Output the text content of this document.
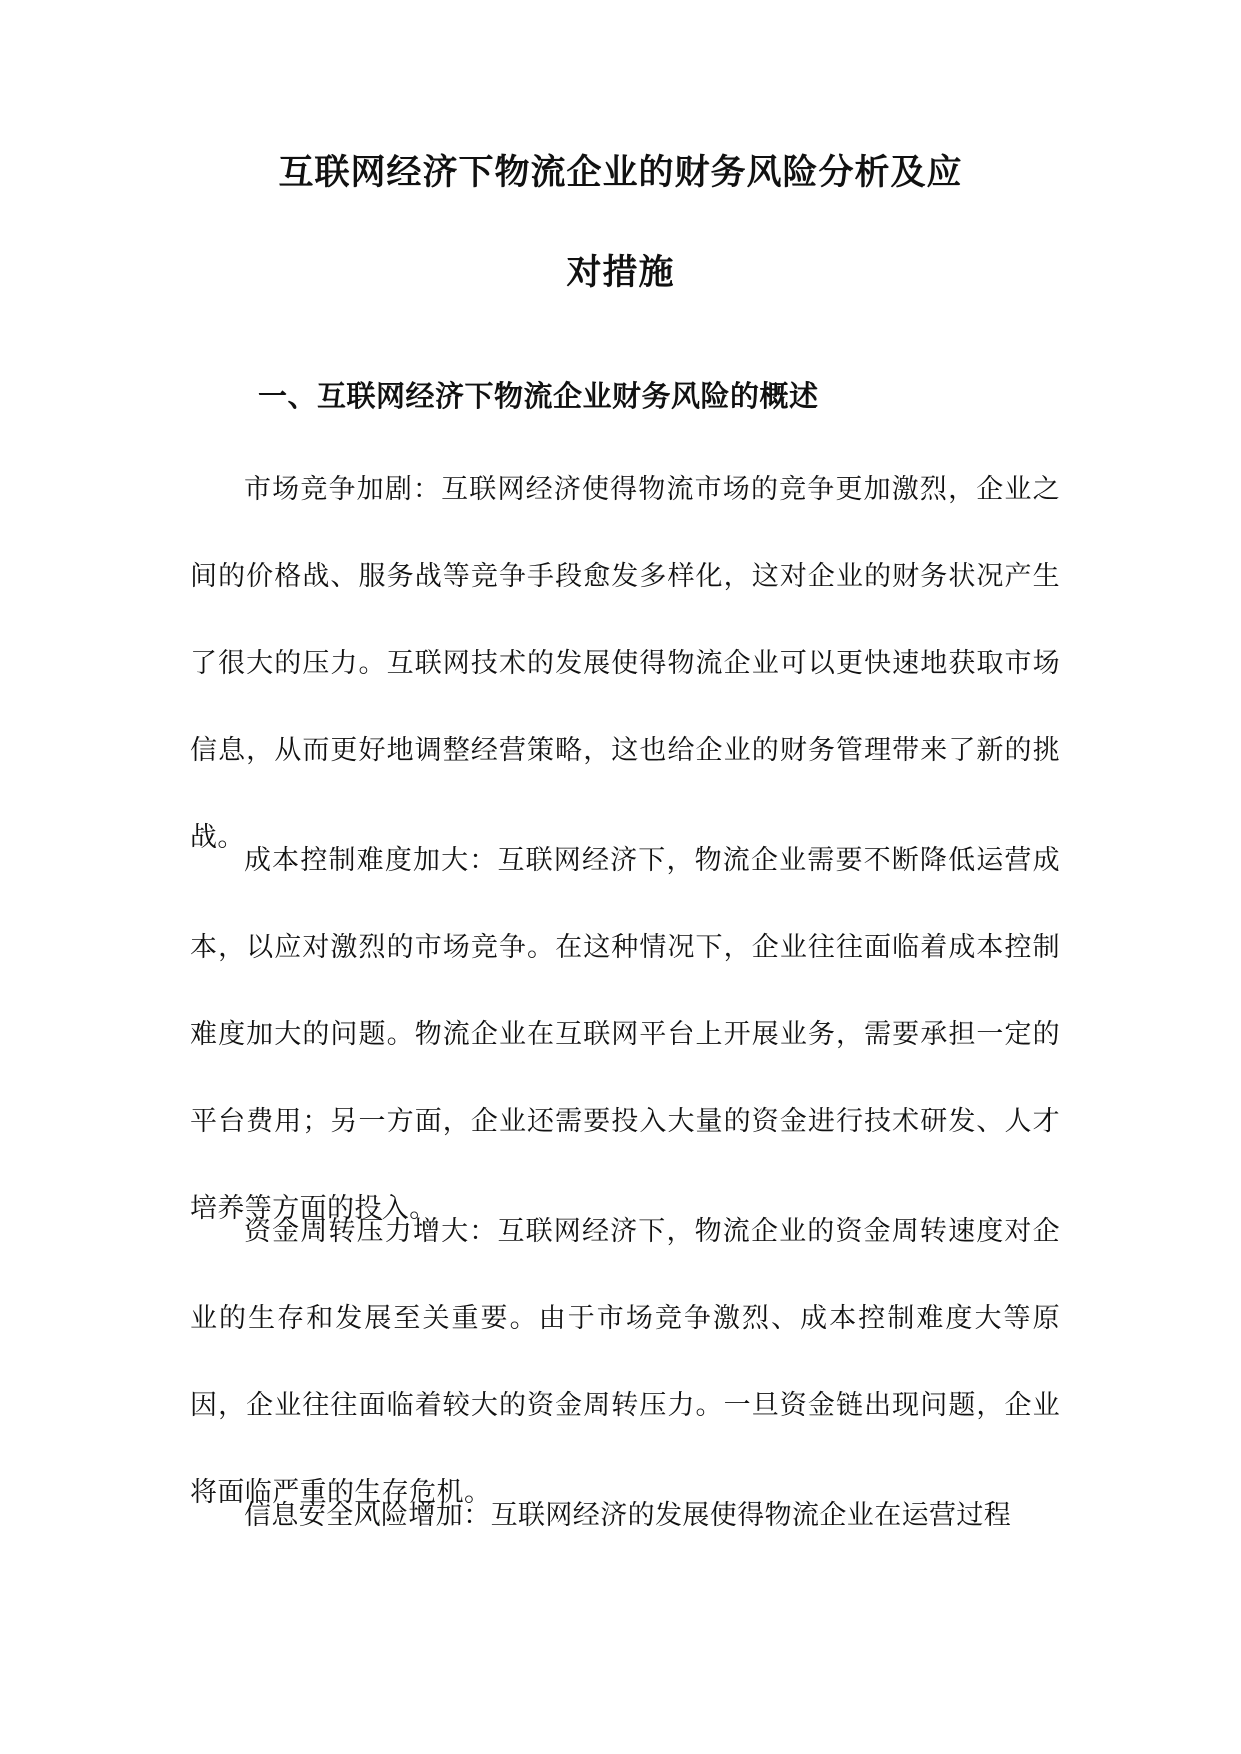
互联网经济下物流企业的财务风险分析及应
对措施
一、互联网经济下物流企业财务风险的概述

市场竞争加剧：互联网经济使得物流市场的竞争更加激烈，企业之间的价格战、服务战等竞争手段愈发多样化，这对企业的财务状况产生了很大的压力。互联网技术的发展使得物流企业可以更快速地获取市场信息，从而更好地调整经营策略，这也给企业的财务管理带来了新的挑战。

成本控制难度加大：互联网经济下，物流企业需要不断降低运营成本，以应对激烈的市场竞争。在这种情况下，企业往往面临着成本控制难度加大的问题。物流企业在互联网平台上开展业务，需要承担一定的平台费用；另一方面，企业还需要投入大量的资金进行技术研发、人才培养等方面的投入。

资金周转压力增大：互联网经济下，物流企业的资金周转速度对企业的生存和发展至关重要。由于市场竞争激烈、成本控制难度大等原因，企业往往面临着较大的资金周转压力。一旦资金链出现问题，企业将面临严重的生存危机。

信息安全风险增加：互联网经济的发展使得物流企业在运营过程
